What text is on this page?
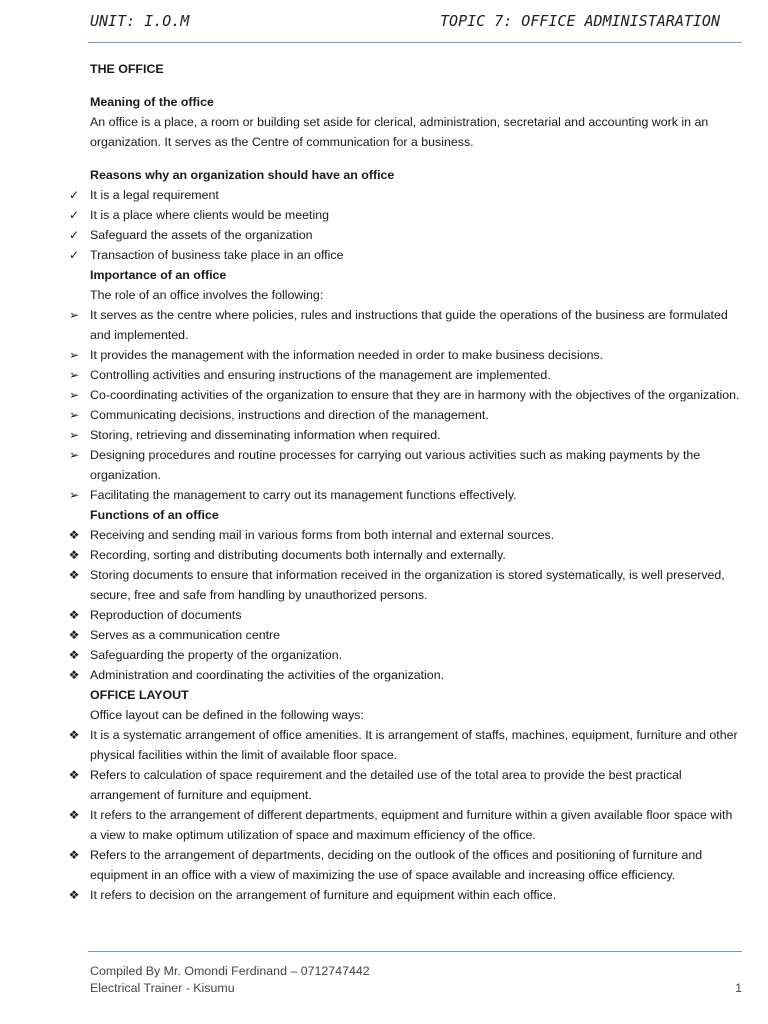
UNIT: I.O.M	TOPIC 7: OFFICE ADMINISTARATION
THE OFFICE
Meaning of the office
An office is a place, a room or building set aside for clerical, administration, secretarial and accounting work in an organization. It serves as the Centre of communication for a business.
Reasons why an organization should have an office
✓ It is a legal requirement
✓ It is a place where clients would be meeting
✓ Safeguard the assets of the organization
✓ Transaction of business take place in an office
Importance of an office
The role of an office involves the following:
➢ It serves as the centre where policies, rules and instructions that guide the operations of the business are formulated and implemented.
➢ It provides the management with the information needed in order to make business decisions.
➢ Controlling activities and ensuring instructions of the management are implemented.
➢ Co-coordinating activities of the organization to ensure that they are in harmony with the objectives of the organization.
➢ Communicating decisions, instructions and direction of the management.
➢ Storing, retrieving and disseminating information when required.
➢ Designing procedures and routine processes for carrying out various activities such as making payments by the organization.
➢ Facilitating the management to carry out its management functions effectively.
Functions of an office
❖ Receiving and sending mail in various forms from both internal and external sources.
❖ Recording, sorting and distributing documents both internally and externally.
❖ Storing documents to ensure that information received in the organization is stored systematically, is well preserved, secure, free and safe from handling by unauthorized persons.
❖ Reproduction of documents
❖ Serves as a communication centre
❖ Safeguarding the property of the organization.
❖ Administration and coordinating the activities of the organization.
OFFICE LAYOUT
Office layout can be defined in the following ways:
❖ It is a systematic arrangement of office amenities. It is arrangement of staffs, machines, equipment, furniture and other physical facilities within the limit of available floor space.
❖ Refers to calculation of space requirement and the detailed use of the total area to provide the best practical arrangement of furniture and equipment.
❖ It refers to the arrangement of different departments, equipment and furniture within a given available floor space with a view to make optimum utilization of space and maximum efficiency of the office.
❖ Refers to the arrangement of departments, deciding on the outlook of the offices and positioning of furniture and equipment in an office with a view of maximizing the use of space available and increasing office efficiency.
❖ It refers to decision on the arrangement of furniture and equipment within each office.
Compiled By Mr. Omondi Ferdinand – 0712747442
Electrical Trainer - Kisumu	1
